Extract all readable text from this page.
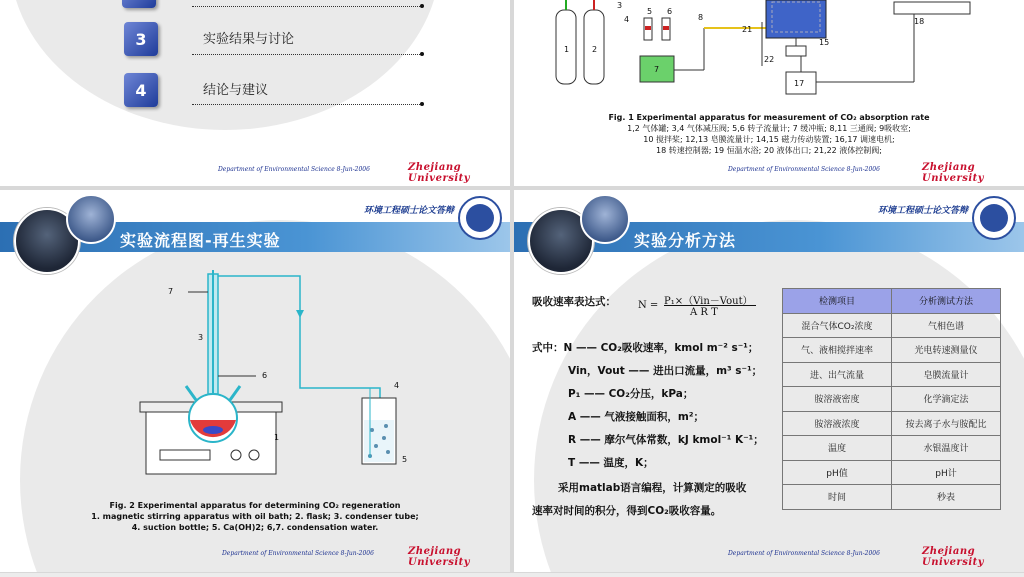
3	实验结果与讨论
4	结论与建议
Department of Environmental Science 8-Jun-2006	Zhejiang University
1	2
3
4
5 6
7
8
15
17
18
21
22
Fig. 1 Experimental apparatus for measurement of CO₂ absorption rate
1,2 气体罐; 3,4 气体减压阀; 5,6 转子流量计; 7 缓冲瓶; 8,11 三通阀; 9吸收室;
10 搅拌桨; 12,13 皂膜流量计; 14,15 磁力传动装置; 16,17 调速电机;
18 转速控制器; 19 恒温水浴; 20 液体出口; 21,22 液体控制阀;
Department of Environmental Science 8-Jun-2006	Zhejiang University
实验流程图-再生实验
环境工程硕士论文答辩
7
3
6
4
1
5
Fig. 2 Experimental apparatus for determining CO₂ regeneration
1. magnetic stirring apparatus with oil bath; 2. flask; 3. condenser tube;
4. suction bottle; 5. Ca(OH)2; 6,7. condensation water.
Department of Environmental Science 8-Jun-2006	Zhejiang University
实验分析方法
环境工程硕士论文答辩
吸收速率表达式： N = P₁×（Vin－Vout）
A R T
式中：N —— CO₂吸收速率，kmol m⁻² s⁻¹；
Vin，Vout —— 进出口流量，m³ s⁻¹；
P₁ —— CO₂分压，kPa；
A —— 气液接触面积，m²；
R —— 摩尔气体常数，kJ kmol⁻¹ K⁻¹；
T —— 温度，K；
采用matlab语言编程，计算测定的吸收
速率对时间的积分，得到CO₂吸收容量。
检测项目	分析测试方法
混合气体CO₂浓度	气相色谱
气、液相搅拌速率	光电转速测量仪
进、出气流量	皂膜流量计
胺溶液密度	化学滴定法
胺溶液浓度	按去离子水与胺配比
温度	水银温度计
pH值	pH计
时间	秒表
Department of Environmental Science 8-Jun-2006	Zhejiang University
